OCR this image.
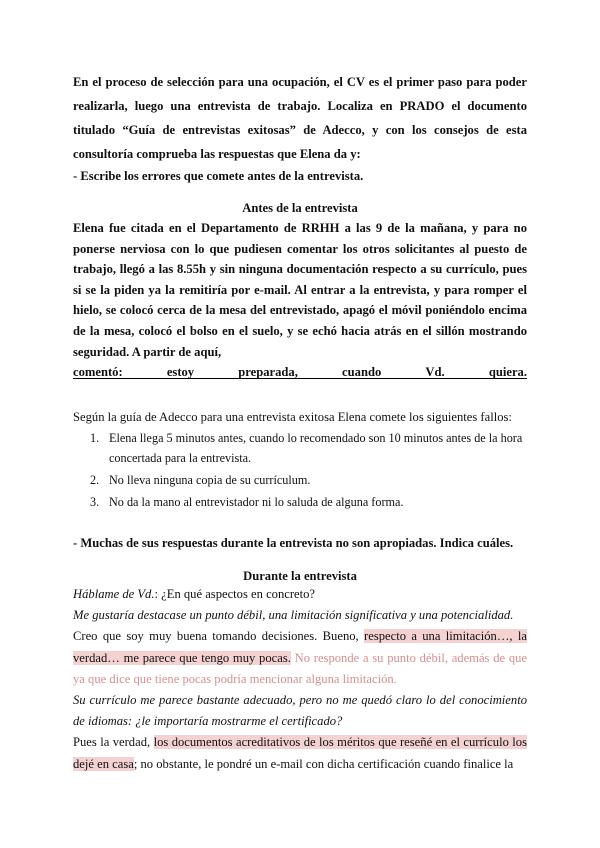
En el proceso de selección para una ocupación, el CV es el primer paso para poder realizarla, luego una entrevista de trabajo. Localiza en PRADO el documento titulado “Guía de entrevistas exitosas” de Adecco, y con los consejos de esta consultoría comprueba las respuestas que Elena da y:
- Escribe los errores que comete antes de la entrevista.
Antes de la entrevista
Elena fue citada en el Departamento de RRHH a las 9 de la mañana, y para no ponerse nerviosa con lo que pudiesen comentar los otros solicitantes al puesto de trabajo, llegó a las 8.55h y sin ninguna documentación respecto a su currículo, pues si se la piden ya la remitiría por e-mail. Al entrar a la entrevista, y para romper el hielo, se colocó cerca de la mesa del entrevistado, apagó el móvil poniéndolo encima de la mesa, colocó el bolso en el suelo, y se echó hacia atrás en el sillón mostrando seguridad. A partir de aquí,
comentó:	estoy	preparada,	cuando	Vd.	quiera.
Según la guía de Adecco para una entrevista exitosa Elena comete los siguientes fallos:
1. Elena llega 5 minutos antes, cuando lo recomendado son 10 minutos antes de la hora concertada para la entrevista.
2. No lleva ninguna copia de su currículum.
3. No da la mano al entrevistador ni lo saluda de alguna forma.
- Muchas de sus respuestas durante la entrevista no son apropiadas. Indica cuáles.
Durante la entrevista

Háblame de Vd.: ¿En qué aspectos en concreto?

Me gustaría destacase un punto débil, una limitación significativa y una potencialidad.

Creo que soy muy buena tomando decisiones. Bueno, respecto a una limitación…, la verdad… me parece que tengo muy pocas. No responde a su punto débil, además de que ya que dice que tiene pocas podría mencionar alguna limitación.

Su currículo me parece bastante adecuado, pero no me quedó claro lo del conocimiento de idiomas: ¿le importaría mostrarme el certificado?

Pues la verdad, los documentos acreditativos de los méritos que reseñé en el currículo los dejé en casa; no obstante, le pondré un e-mail con dicha certificación cuando finalice la
